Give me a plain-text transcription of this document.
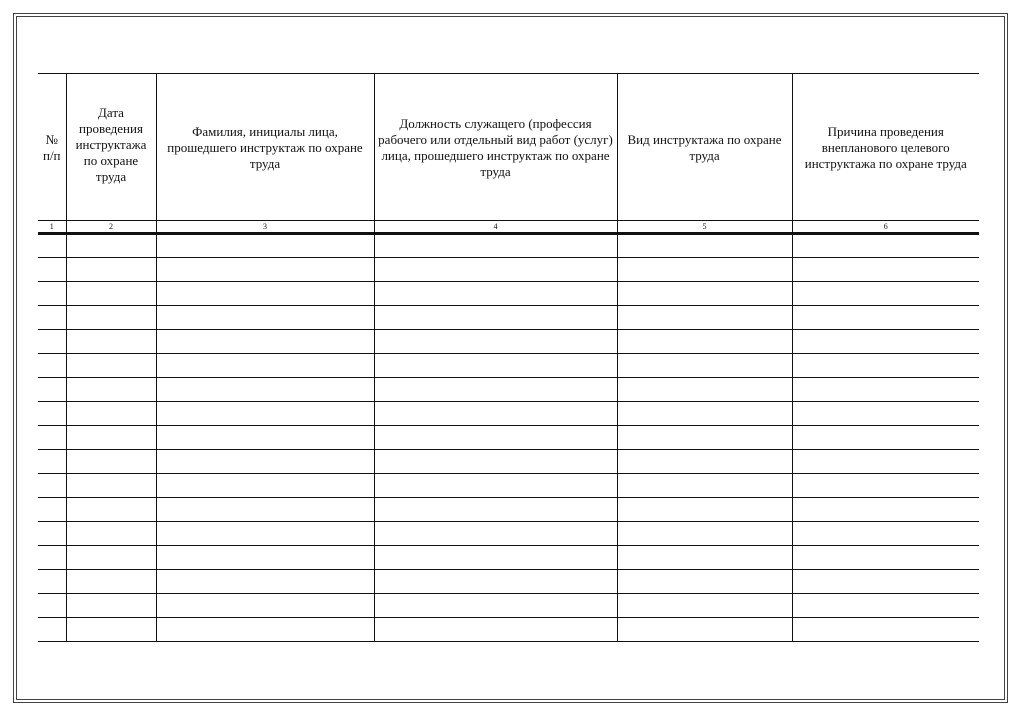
№ п/п	Дата проведения инструктажа по охране труда	Фамилия, инициалы лица, прошедшего инструктаж по охране труда	Должность служащего (профессия рабочего или отдельный вид работ (услуг) лица, прошедшего инструктаж по охране труда	Вид инструктажа по охране труда	Причина проведения внепланового целевого инструктажа по охране труда

1	2	3	4	5	6
